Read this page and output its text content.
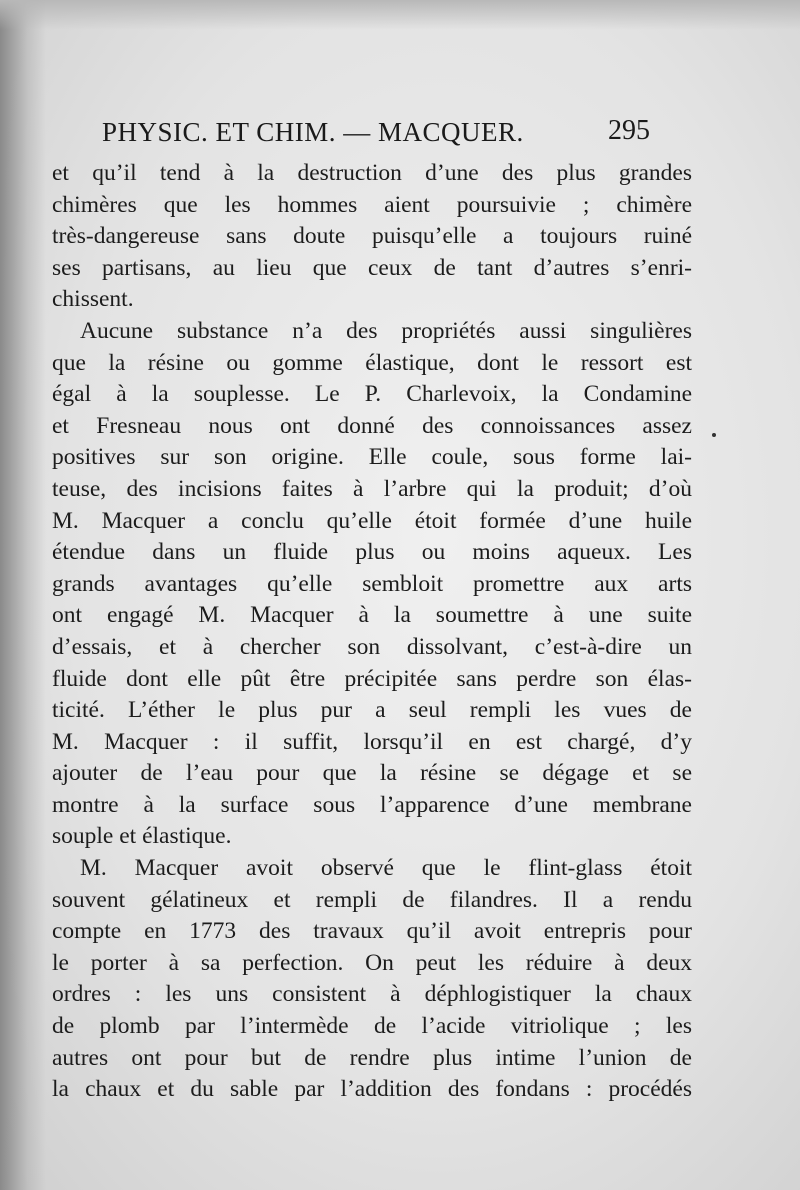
PHYSIC. ET CHIM. — MACQUER.	295
et qu’il tend à la destruction d’une des plus grandes
chimères que les hommes aient poursuivie ; chimère
très-dangereuse sans doute puisqu’elle a toujours ruiné
ses partisans, au lieu que ceux de tant d’autres s’enri-
chissent.
Aucune substance n’a des propriétés aussi singulières
que la résine ou gomme élastique, dont le ressort est
égal à la souplesse. Le P. Charlevoix, la Condamine
et Fresneau nous ont donné des connoissances assez
positives sur son origine. Elle coule, sous forme lai-
teuse, des incisions faites à l’arbre qui la produit; d’où
M. Macquer a conclu qu’elle étoit formée d’une huile
étendue dans un fluide plus ou moins aqueux. Les
grands avantages qu’elle sembloit promettre aux arts
ont engagé M. Macquer à la soumettre à une suite
d’essais, et à chercher son dissolvant, c’est-à-dire un
fluide dont elle pût être précipitée sans perdre son élas-
ticité. L’éther le plus pur a seul rempli les vues de
M. Macquer : il suffit, lorsqu’il en est chargé, d’y
ajouter de l’eau pour que la résine se dégage et se
montre à la surface sous l’apparence d’une membrane
souple et élastique.
M. Macquer avoit observé que le flint-glass étoit
souvent gélatineux et rempli de filandres. Il a rendu
compte en 1773 des travaux qu’il avoit entrepris pour
le porter à sa perfection. On peut les réduire à deux
ordres : les uns consistent à déphlogistiquer la chaux
de plomb par l’intermède de l’acide vitriolique ; les
autres ont pour but de rendre plus intime l’union de
la chaux et du sable par l’addition des fondans : procédés
